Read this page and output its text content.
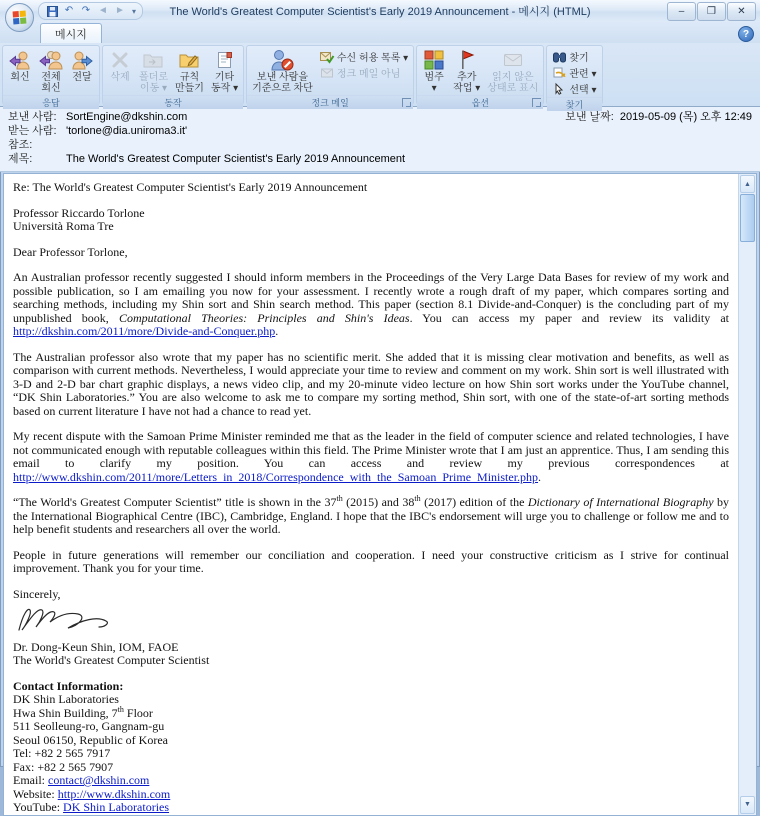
↶ ↷ ◄ ► ▾	The World's Greatest Computer Scientist's Early 2019 Announcement - 메시지 (HTML)	–	❐	✕
메시지	?
회신 전체
회신
전달
응답
삭제 폴더로
이동 ▾
규칙
만들기
기타
동작 ▾
동작
보낸 사람을
기준으로 차단
수신 허용 목록 ▾
정크 메일 아님
정크 메일
범주
▾
추가
작업 ▾
읽지 않은
상태로 표시
옵션
찾기
관련 ▾
선택 ▾
찾기
보낸 사람: SortEngine@dkshin.com	보낸 날짜: 2019-05-09 (목) 오후 12:49
받는 사람: 'torlone@dia.uniroma3.it'
참조:
제목:	The World's Greatest Computer Scientist's Early 2019 Announcement

Re: The World's Greatest Computer Scientist's Early 2019 Announcement

Professor Riccardo Torlone

Università Roma Tre

Dear Professor Torlone,

An Australian professor recently suggested I should inform members in the Proceedings of the Very Large Data Bases for review of my work and possible publication, so I am emailing you now for your assessment. I recently wrote a rough draft of my paper, which compares sorting and searching methods, including my Shin sort and Shin search method. This paper (section 8.1 Divide-and-Conquer) is the concluding part of my unpublished book, Computational Theories: Principles and Shin's Ideas. You can access my paper and review its validity at http://dkshin.com/2011/more/Divide-and-Conquer.php.

The Australian professor also wrote that my paper has no scientific merit. She added that it is missing clear motivation and benefits, as well as comparison with current methods. Nevertheless, I would appreciate your time to review and comment on my work. Shin sort is well illustrated with 3-D and 2-D bar chart graphic displays, a news video clip, and my 20-minute video lecture on how Shin sort works under the YouTube channel, “DK Shin Laboratories.” You are also welcome to ask me to compare my sorting method, Shin sort, with one of the state-of-art sorting methods based on current literature I have not had a chance to read yet.

My recent dispute with the Samoan Prime Minister reminded me that as the leader in the field of computer science and related technologies, I have not communicated enough with reputable colleagues within this field. The Prime Minister wrote that I am just an apprentice. Thus, I am sending this email to clarify my position. You can access and review my previous correspondences at http://www.dkshin.com/2011/more/Letters_in_2018/Correspondence_with_the_Samoan_Prime_Minister.php.

“The World's Greatest Computer Scientist” title is shown in the 37th (2015) and 38th (2017) edition of the Dictionary of International Biography by the International Biographical Centre (IBC), Cambridge, England. I hope that the IBC's endorsement will urge you to challenge or follow me and to help benefit students and researchers all over the world.

People in future generations will remember our conciliation and cooperation. I need your constructive criticism as I strive for continual improvement. Thank you for your time.

Sincerely,

Dr. Dong-Keun Shin, IOM, FAOE

The World's Greatest Computer Scientist

Contact Information:

DK Shin Laboratories

Hwa Shin Building, 7th Floor

511 Seolleung-ro, Gangnam-gu

Seoul 06150, Republic of Korea

Tel: +82 2 565 7917

Fax: +82 2 565 7907

Email: contact@dkshin.com

Website: http://www.dkshin.com

YouTube: DK Shin Laboratories

▲
▼
